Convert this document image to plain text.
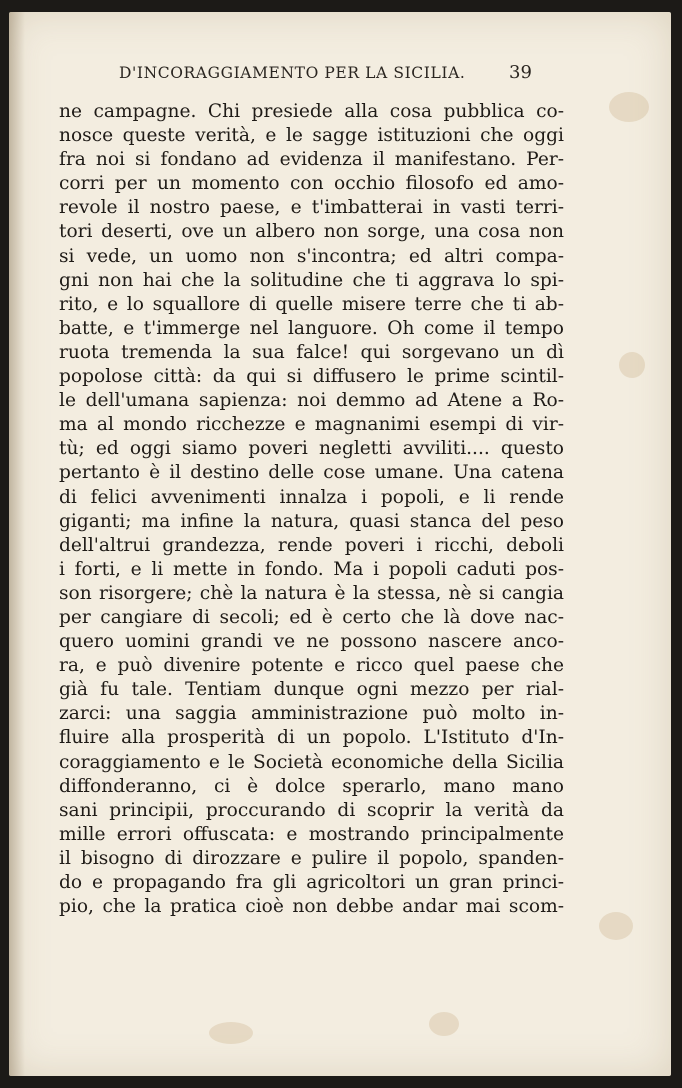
D'INCORAGGIAMENTO PER LA SICILIA. 39
ne campagne. Chi presiede alla cosa pubblica co-
nosce queste verità, e le sagge istituzioni che oggi
fra noi si fondano ad evidenza il manifestano. Per-
corri per un momento con occhio filosofo ed amo-
revole il nostro paese, e t'imbatterai in vasti terri-
tori deserti, ove un albero non sorge, una cosa non
si vede, un uomo non s'incontra; ed altri compa-
gni non hai che la solitudine che ti aggrava lo spi-
rito, e lo squallore di quelle misere terre che ti ab-
batte, e t'immerge nel languore. Oh come il tempo
ruota tremenda la sua falce! qui sorgevano un dì
popolose città: da qui si diffusero le prime scintil-
le dell'umana sapienza: noi demmo ad Atene a Ro-
ma al mondo ricchezze e magnanimi esempi di vir-
tù; ed oggi siamo poveri negletti avviliti.... questo
pertanto è il destino delle cose umane. Una catena
di felici avvenimenti innalza i popoli, e li rende
giganti; ma infine la natura, quasi stanca del peso
dell'altrui grandezza, rende poveri i ricchi, deboli
i forti, e li mette in fondo. Ma i popoli caduti pos-
son risorgere; chè la natura è la stessa, nè si cangia
per cangiare di secoli; ed è certo che là dove nac-
quero uomini grandi ve ne possono nascere anco-
ra, e può divenire potente e ricco quel paese che
già fu tale. Tentiam dunque ogni mezzo per rial-
zarci: una saggia amministrazione può molto in-
fluire alla prosperità di un popolo. L'Istituto d'In-
coraggiamento e le Società economiche della Sicilia
diffonderanno, ci è dolce sperarlo, mano mano
sani principii, proccurando di scoprir la verità da
mille errori offuscata: e mostrando principalmente
il bisogno di dirozzare e pulire il popolo, spanden-
do e propagando fra gli agricoltori un gran princi-
pio, che la pratica cioè non debbe andar mai scom-
